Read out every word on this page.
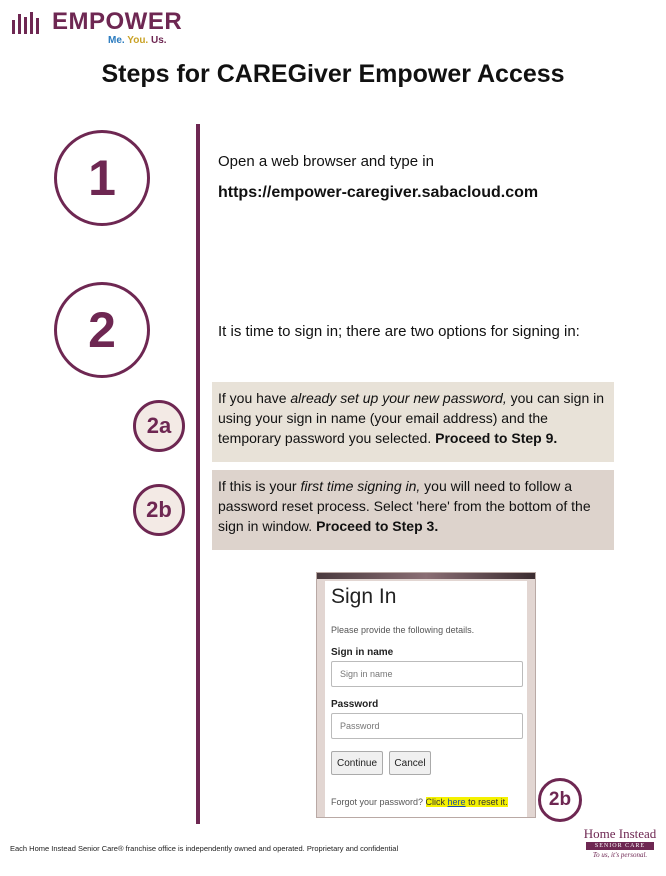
EMPOWER
Me. You. Us.
Steps for CAREGiver Empower Access
1	Open a web browser and type in
https://empower-caregiver.sabacloud.com
2	It is time to sign in; there are two options for signing in:
2a
If you have already set up your new password, you can sign in using your sign in name (your email address) and the temporary password you selected. Proceed to Step 9.
2b
If this is your first time signing in, you will need to follow a password reset process. Select 'here' from the bottom of the sign in window. Proceed to Step 3.
Sign In
Please provide the following details.
Sign in name
Sign in name
Password
Password
Continue	Cancel
Forgot your password? Click here to reset it.	2b
Each Home Instead Senior Care® franchise office is independently owned and operated. Proprietary and confidential
Home Instead
SENIOR CARE
To us, it's personal.
